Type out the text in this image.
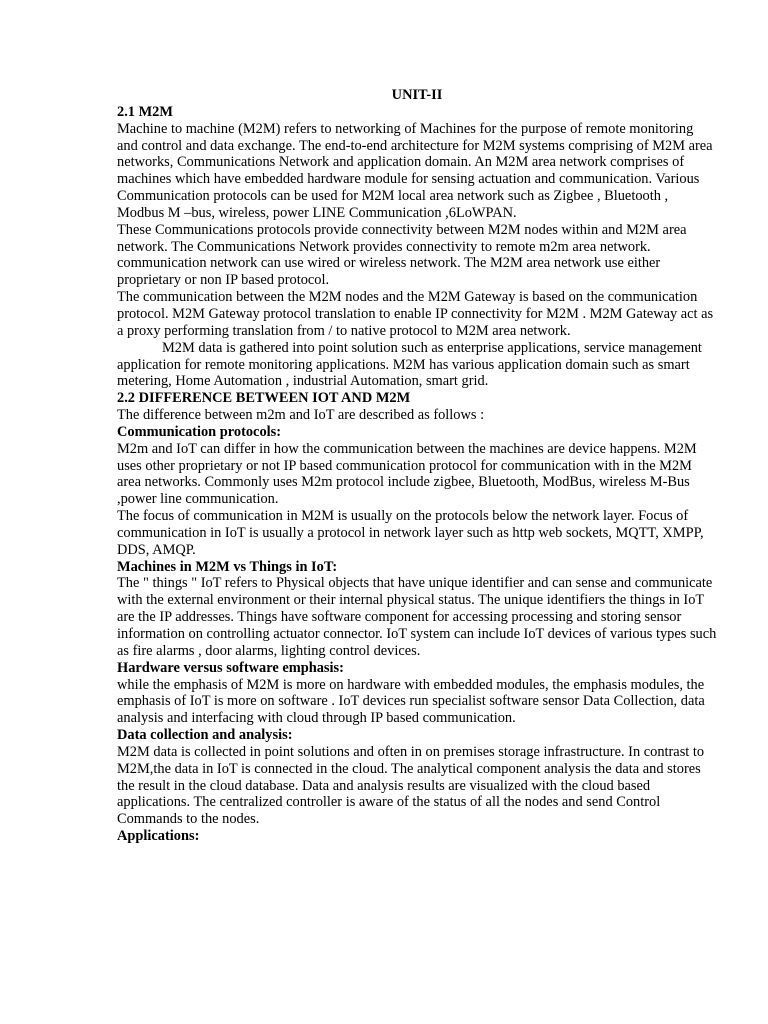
UNIT-II

2.1 M2M

Machine to machine (M2M) refers to networking of Machines for the purpose of remote monitoring and control and data exchange. The end-to-end architecture for M2M systems comprising of M2M area networks, Communications Network and application domain. An M2M area network comprises of machines which have embedded hardware module for sensing actuation and communication. Various Communication protocols can be used for M2M local area network such as Zigbee , Bluetooth , Modbus M –bus, wireless, power LINE Communication ,6LoWPAN.

These Communications protocols provide connectivity between M2M nodes within and M2M area network. The Communications Network provides connectivity to remote m2m area network. communication network can use wired or wireless network. The M2M area network use either proprietary or non IP based protocol.

The communication between the M2M nodes and the M2M Gateway is based on the communication protocol. M2M Gateway protocol translation to enable IP connectivity for M2M . M2M Gateway act as a proxy performing translation from / to native protocol to M2M area network.

M2M data is gathered into point solution such as enterprise applications, service management application for remote monitoring applications. M2M has various application domain such as smart metering, Home Automation , industrial Automation, smart grid.

2.2 DIFFERENCE BETWEEN IOT AND M2M

The difference between m2m and IoT are described as follows :

Communication protocols:

M2m and IoT can differ in how the communication between the machines are device happens. M2M uses other proprietary or not IP based communication protocol for communication with in the M2M area networks. Commonly uses M2m protocol include zigbee, Bluetooth, ModBus, wireless M-Bus ,power line communication.

The focus of communication in M2M is usually on the protocols below the network layer. Focus of communication in IoT is usually a protocol in network layer such as http web sockets, MQTT, XMPP, DDS, AMQP.

Machines in M2M vs Things in IoT:

The " things " IoT refers to Physical objects that have unique identifier and can sense and communicate with the external environment or their internal physical status. The unique identifiers the things in IoT are the IP addresses. Things have software component for accessing processing and storing sensor information on controlling actuator connector. IoT system can include IoT devices of various types such as fire alarms , door alarms, lighting control devices.

Hardware versus software emphasis:

while the emphasis of M2M is more on hardware with embedded modules, the emphasis modules, the emphasis of IoT is more on software . IoT devices run specialist software sensor Data Collection, data analysis and interfacing with cloud through IP based communication.

Data collection and analysis:

M2M data is collected in point solutions and often in on premises storage infrastructure. In contrast to M2M,the data in IoT is connected in the cloud. The analytical component analysis the data and stores the result in the cloud database. Data and analysis results are visualized with the cloud based applications. The centralized controller is aware of the status of all the nodes and send Control Commands to the nodes.

Applications:
